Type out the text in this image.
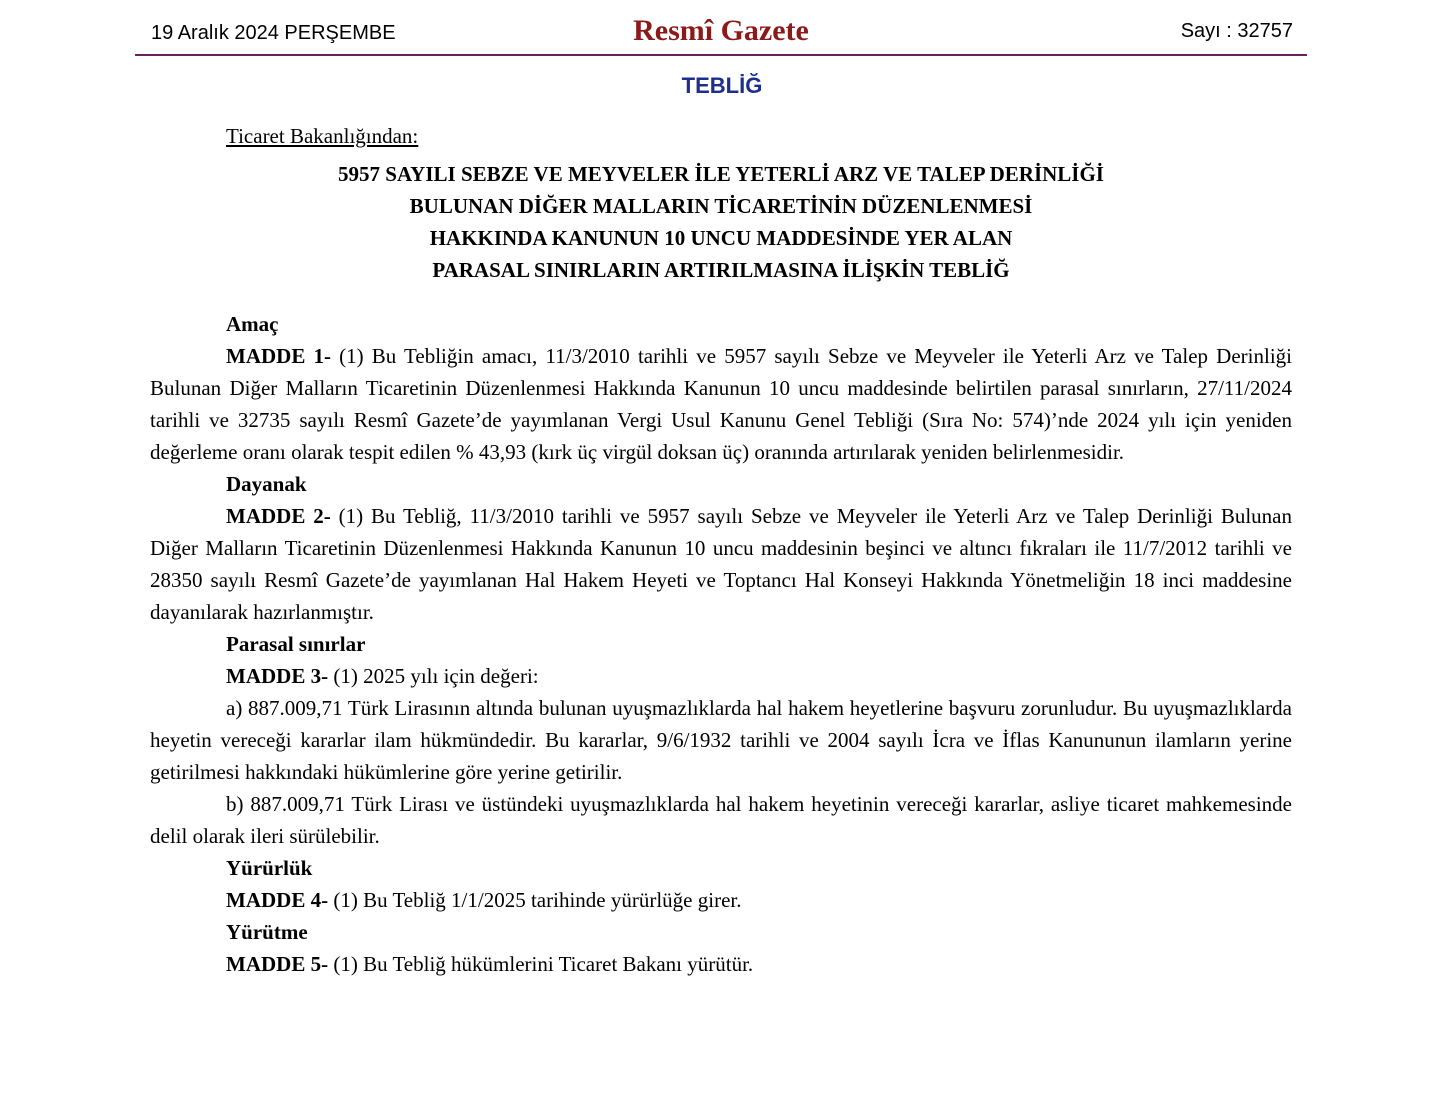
19 Aralık 2024 PERŞEMBE	Resmî Gazete	Sayı : 32757
TEBLİĞ
Ticaret Bakanlığından:
5957 SAYILI SEBZE VE MEYVELER İLE YETERLİ ARZ VE TALEP DERİNLİĞİ
BULUNAN DİĞER MALLARIN TİCARETİNİN DÜZENLENMESİ
HAKKINDA KANUNUN 10 UNCU MADDESİNDE YER ALAN
PARASAL SINIRLARIN ARTIRILMASINA İLİŞKİN TEBLİĞ
Amaç
MADDE 1- (1) Bu Tebliğin amacı, 11/3/2010 tarihli ve 5957 sayılı Sebze ve Meyveler ile Yeterli Arz ve Talep Derinliği Bulunan Diğer Malların Ticaretinin Düzenlenmesi Hakkında Kanunun 10 uncu maddesinde belirtilen parasal sınırların, 27/11/2024 tarihli ve 32735 sayılı Resmî Gazete’de yayımlanan Vergi Usul Kanunu Genel Tebliği (Sıra No: 574)’nde 2024 yılı için yeniden değerleme oranı olarak tespit edilen % 43,93 (kırk üç virgül doksan üç) oranında artırılarak yeniden belirlenmesidir.
Dayanak
MADDE 2- (1) Bu Tebliğ, 11/3/2010 tarihli ve 5957 sayılı Sebze ve Meyveler ile Yeterli Arz ve Talep Derinliği Bulunan Diğer Malların Ticaretinin Düzenlenmesi Hakkında Kanunun 10 uncu maddesinin beşinci ve altıncı fıkraları ile 11/7/2012 tarihli ve 28350 sayılı Resmî Gazete’de yayımlanan Hal Hakem Heyeti ve Toptancı Hal Konseyi Hakkında Yönetmeliğin 18 inci maddesine dayanılarak hazırlanmıştır.
Parasal sınırlar
MADDE 3- (1) 2025 yılı için değeri:
a) 887.009,71 Türk Lirasının altında bulunan uyuşmazlıklarda hal hakem heyetlerine başvuru zorunludur. Bu uyuşmazlıklarda heyetin vereceği kararlar ilam hükmündedir. Bu kararlar, 9/6/1932 tarihli ve 2004 sayılı İcra ve İflas Kanununun ilamların yerine getirilmesi hakkındaki hükümlerine göre yerine getirilir.
b) 887.009,71 Türk Lirası ve üstündeki uyuşmazlıklarda hal hakem heyetinin vereceği kararlar, asliye ticaret mahkemesinde delil olarak ileri sürülebilir.
Yürürlük
MADDE 4- (1) Bu Tebliğ 1/1/2025 tarihinde yürürlüğe girer.
Yürütme
MADDE 5- (1) Bu Tebliğ hükümlerini Ticaret Bakanı yürütür.
